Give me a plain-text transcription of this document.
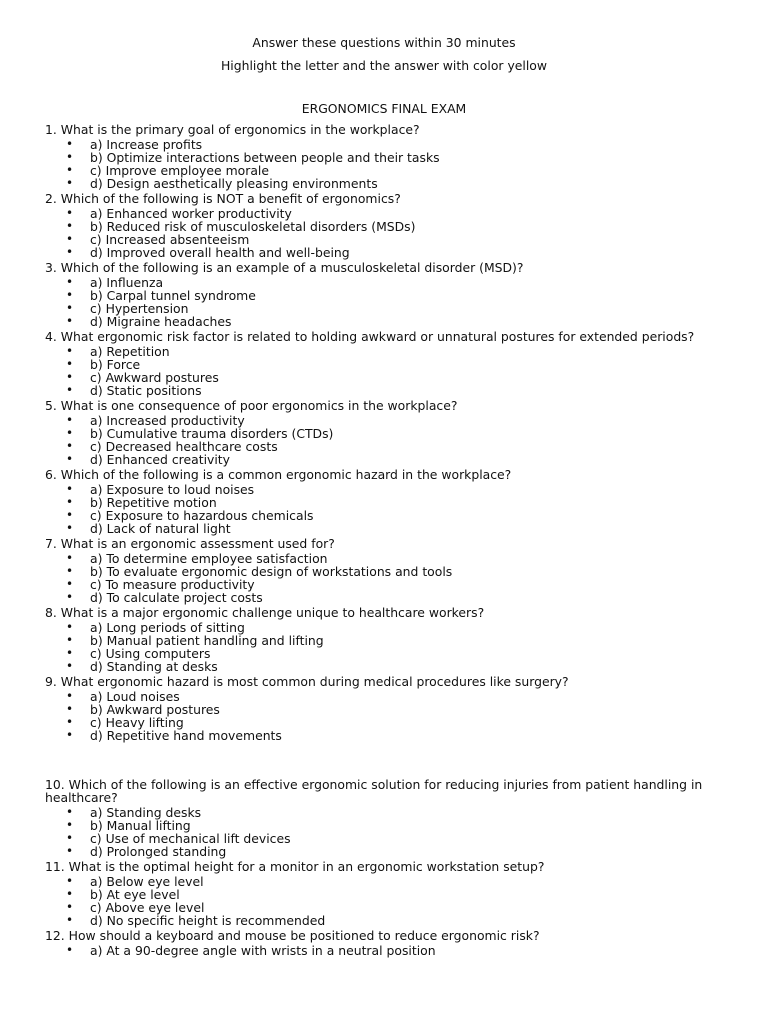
Answer these questions within 30 minutes
Highlight the letter and the answer with color yellow
ERGONOMICS FINAL EXAM
1. What is the primary goal of ergonomics in the workplace?
• a) Increase profits
• b) Optimize interactions between people and their tasks
• c) Improve employee morale
• d) Design aesthetically pleasing environments
2. Which of the following is NOT a benefit of ergonomics?
• a) Enhanced worker productivity
• b) Reduced risk of musculoskeletal disorders (MSDs)
• c) Increased absenteeism
• d) Improved overall health and well-being
3. Which of the following is an example of a musculoskeletal disorder (MSD)?
• a) Influenza
• b) Carpal tunnel syndrome
• c) Hypertension
• d) Migraine headaches
4. What ergonomic risk factor is related to holding awkward or unnatural postures for extended periods?
• a) Repetition
• b) Force
• c) Awkward postures
• d) Static positions
5. What is one consequence of poor ergonomics in the workplace?
• a) Increased productivity
• b) Cumulative trauma disorders (CTDs)
• c) Decreased healthcare costs
• d) Enhanced creativity
6. Which of the following is a common ergonomic hazard in the workplace?
• a) Exposure to loud noises
• b) Repetitive motion
• c) Exposure to hazardous chemicals
• d) Lack of natural light
7. What is an ergonomic assessment used for?
• a) To determine employee satisfaction
• b) To evaluate ergonomic design of workstations and tools
• c) To measure productivity
• d) To calculate project costs
8. What is a major ergonomic challenge unique to healthcare workers?
• a) Long periods of sitting
• b) Manual patient handling and lifting
• c) Using computers
• d) Standing at desks
9. What ergonomic hazard is most common during medical procedures like surgery?
• a) Loud noises
• b) Awkward postures
• c) Heavy lifting
• d) Repetitive hand movements
10. Which of the following is an effective ergonomic solution for reducing injuries from patient handling in healthcare?
• a) Standing desks
• b) Manual lifting
• c) Use of mechanical lift devices
• d) Prolonged standing
11. What is the optimal height for a monitor in an ergonomic workstation setup?
• a) Below eye level
• b) At eye level
• c) Above eye level
• d) No specific height is recommended
12. How should a keyboard and mouse be positioned to reduce ergonomic risk?
• a) At a 90-degree angle with wrists in a neutral position
